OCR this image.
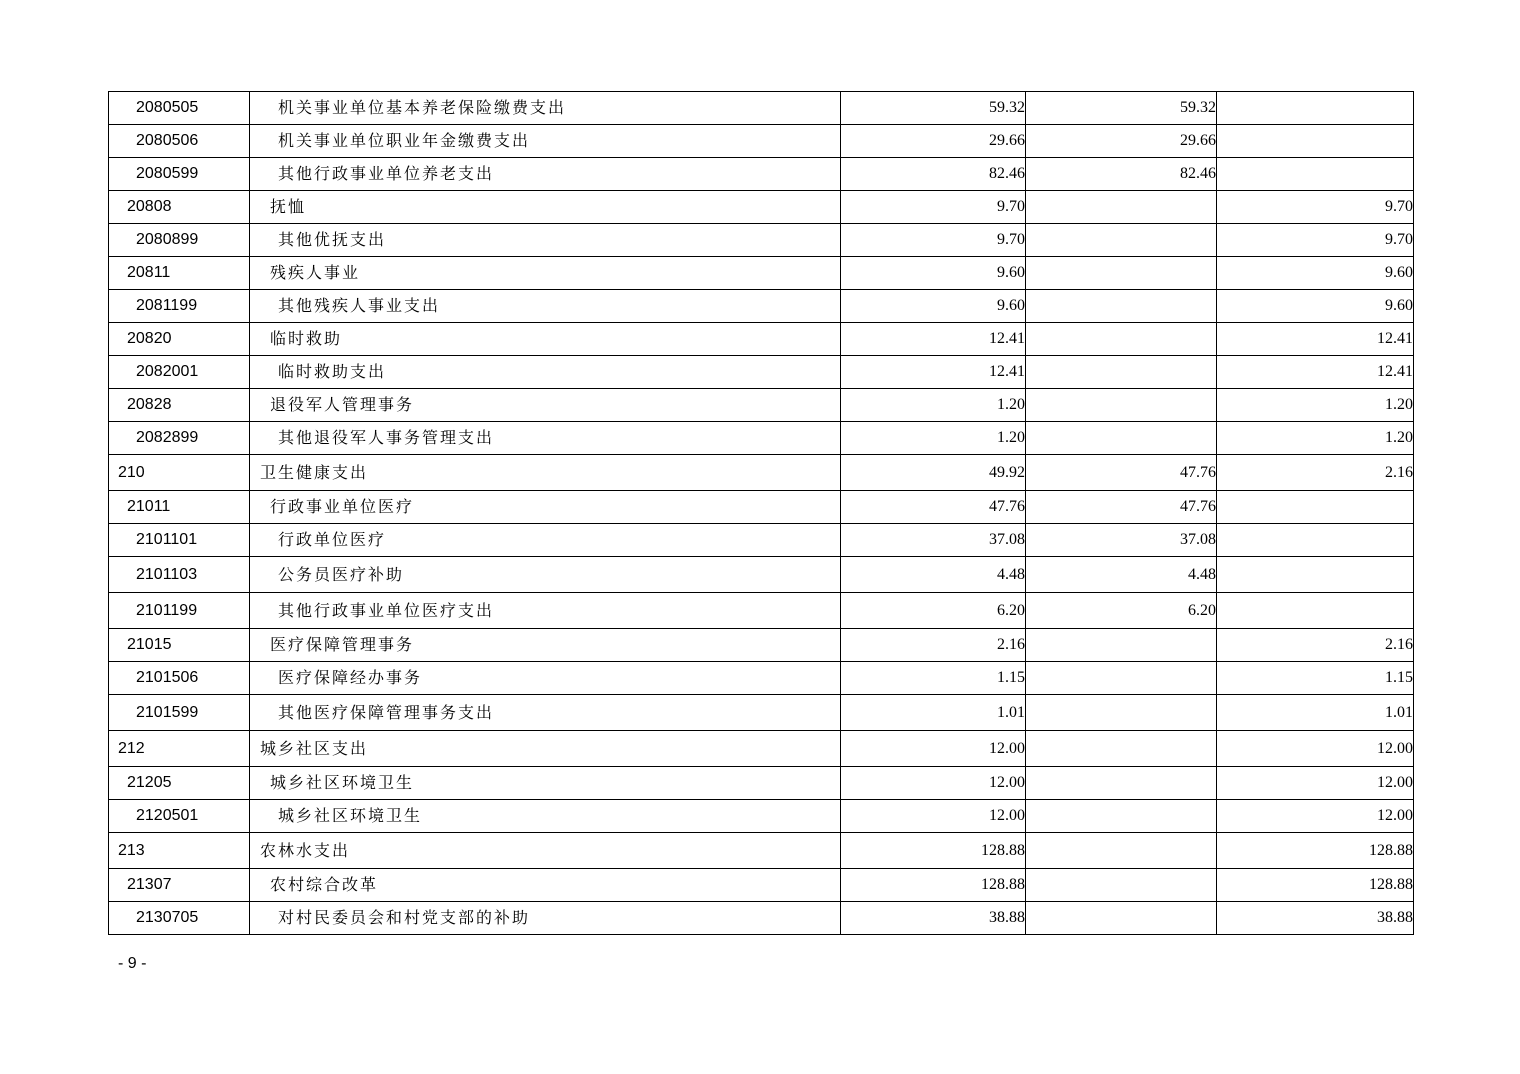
2080505	机关事业单位基本养老保险缴费支出	59.32	59.32	
2080506	机关事业单位职业年金缴费支出	29.66	29.66	
2080599	其他行政事业单位养老支出	82.46	82.46	
20808	抚恤	9.70		9.70
2080899	其他优抚支出	9.70		9.70
20811	残疾人事业	9.60		9.60
2081199	其他残疾人事业支出	9.60		9.60
20820	临时救助	12.41		12.41
2082001	临时救助支出	12.41		12.41
20828	退役军人管理事务	1.20		1.20
2082899	其他退役军人事务管理支出	1.20		1.20
210	卫生健康支出	49.92	47.76	2.16
21011	行政事业单位医疗	47.76	47.76	
2101101	行政单位医疗	37.08	37.08	
2101103	公务员医疗补助	4.48	4.48	
2101199	其他行政事业单位医疗支出	6.20	6.20	
21015	医疗保障管理事务	2.16		2.16
2101506	医疗保障经办事务	1.15		1.15
2101599	其他医疗保障管理事务支出	1.01		1.01
212	城乡社区支出	12.00		12.00
21205	城乡社区环境卫生	12.00		12.00
2120501	城乡社区环境卫生	12.00		12.00
213	农林水支出	128.88		128.88
21307	农村综合改革	128.88		128.88
2130705	对村民委员会和村党支部的补助	38.88		38.88
- 9 -
